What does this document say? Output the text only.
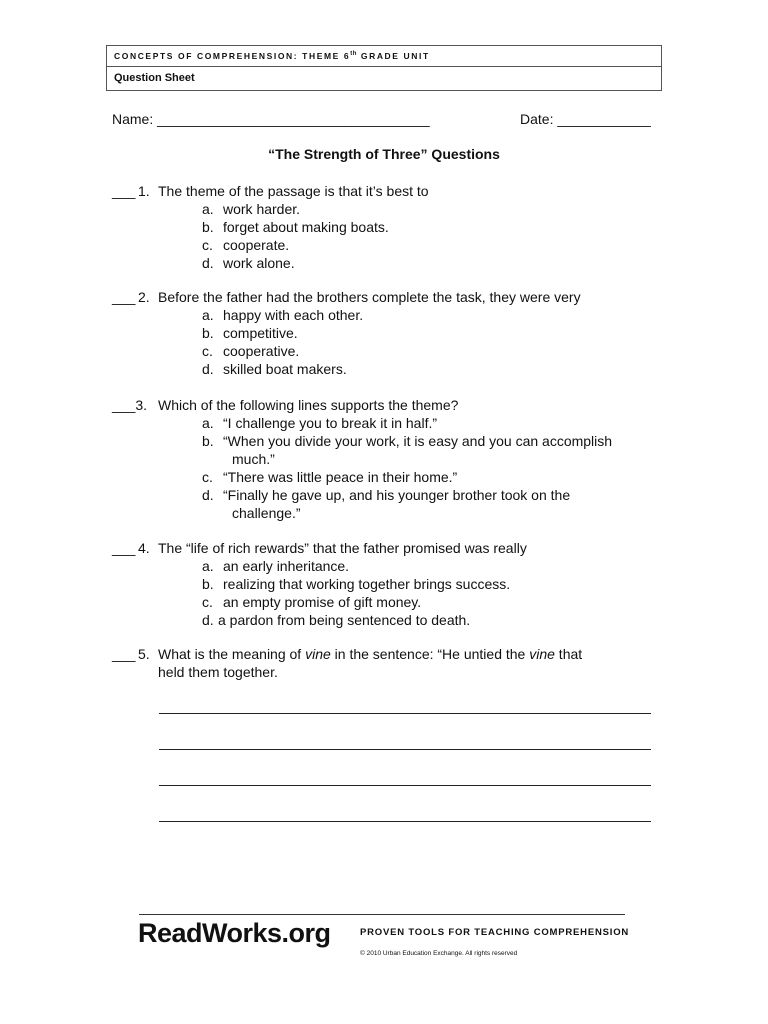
CONCEPTS OF COMPREHENSION: THEME 6th GRADE UNIT
Question Sheet
Name: ___________________________________	Date: ____________
“The Strength of Three” Questions
___ 1. The theme of the passage is that it’s best to
a. work harder.
b. forget about making boats.
c. cooperate.
d. work alone.
___ 2. Before the father had the brothers complete the task, they were very
a. happy with each other.
b. competitive.
c. cooperative.
d. skilled boat makers.
___3. Which of the following lines supports the theme?
a. “I challenge you to break it in half.”
b. “When you divide your work, it is easy and you can accomplish
much.”
c. “There was little peace in their home.”
d. “Finally he gave up, and his younger brother took on the
challenge.”
___ 4. The “life of rich rewards” that the father promised was really
a. an early inheritance.
b. realizing that working together brings success.
c. an empty promise of gift money.
d. a pardon from being sentenced to death.
___ 5. What is the meaning of vine in the sentence: “He untied the vine that
held them together.
ReadWorks.org	PROVEN TOOLS FOR TEACHING COMPREHENSION
© 2010 Urban Education Exchange. All rights reserved
